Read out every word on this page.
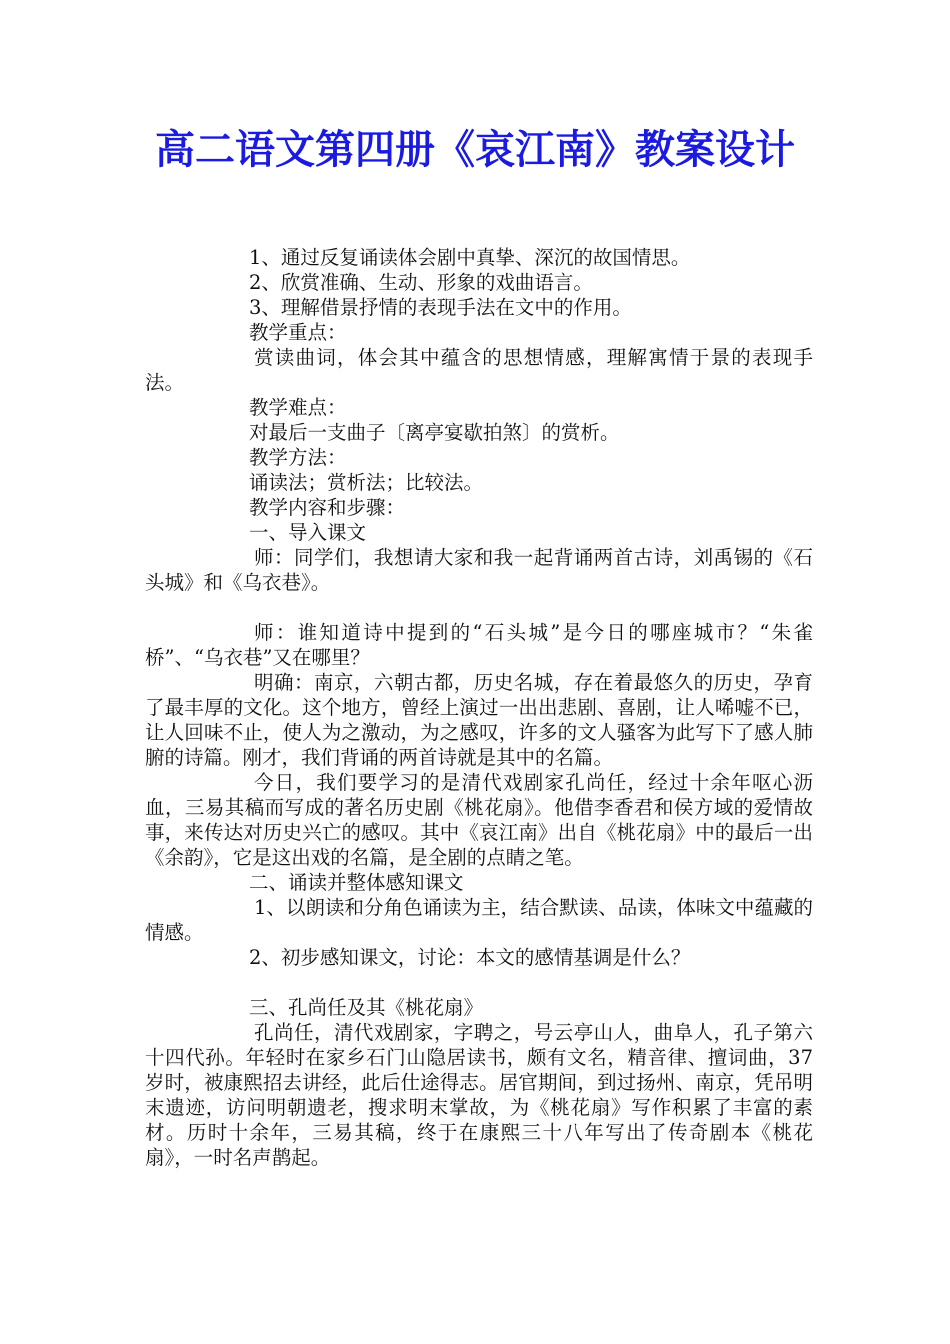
高二语文第四册《哀江南》教案设计

1、通过反复诵读体会剧中真挚、深沉的故国情思。

2、欣赏准确、生动、形象的戏曲语言。

3、理解借景抒情的表现手法在文中的作用。

教学重点：

赏读曲词，体会其中蕴含的思想情感，理解寓情于景的表现手法。

教学难点：

对最后一支曲子〔离亭宴歇拍煞〕的赏析。

教学方法：

诵读法；赏析法；比较法。

教学内容和步骤：

一、导入课文

师：同学们，我想请大家和我一起背诵两首古诗，刘禹锡的《石头城》和《乌衣巷》。

师：谁知道诗中提到的“石头城”是今日的哪座城市？“朱雀桥”、“乌衣巷”又在哪里？

明确：南京，六朝古都，历史名城，存在着最悠久的历史，孕育了最丰厚的文化。这个地方，曾经上演过一出出悲剧、喜剧，让人唏嘘不已，让人回味不止，使人为之激动，为之感叹，许多的文人骚客为此写下了感人肺腑的诗篇。刚才，我们背诵的两首诗就是其中的名篇。

今日，我们要学习的是清代戏剧家孔尚任，经过十余年呕心沥血，三易其稿而写成的著名历史剧《桃花扇》。他借李香君和侯方域的爱情故事，来传达对历史兴亡的感叹。其中《哀江南》出自《桃花扇》中的最后一出《余韵》，它是这出戏的名篇，是全剧的点睛之笔。

二、诵读并整体感知课文

1、以朗读和分角色诵读为主，结合默读、品读，体味文中蕴藏的情感。

2、初步感知课文，讨论：本文的感情基调是什么？

三、孔尚任及其《桃花扇》

孔尚任，清代戏剧家，字聘之，号云亭山人，曲阜人，孔子第六十四代孙。年轻时在家乡石门山隐居读书，颇有文名，精音律、擅词曲，37岁时，被康熙招去讲经，此后仕途得志。居官期间，到过扬州、南京，凭吊明末遗迹，访问明朝遗老，搜求明末掌故，为《桃花扇》写作积累了丰富的素材。历时十余年，三易其稿，终于在康熙三十八年写出了传奇剧本《桃花扇》，一时名声鹊起。
